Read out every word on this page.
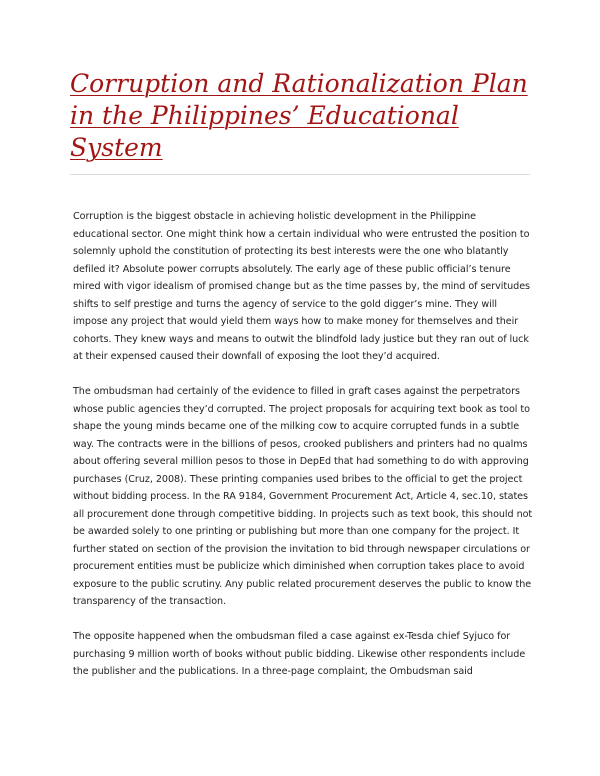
Corruption and Rationalization Plan in the Philippines’ Educational System

Corruption is the biggest obstacle in achieving holistic development in the Philippine educational sector. One might think how a certain individual who were entrusted the position to solemnly uphold the constitution of protecting its best interests were the one who blatantly defiled it? Absolute power corrupts absolutely. The early age of these public official’s tenure mired with vigor idealism of promised change but as the time passes by, the mind of servitudes shifts to self prestige and turns the agency of service to the gold digger’s mine. They will impose any project that would yield them ways how to make money for themselves and their cohorts. They knew ways and means to outwit the blindfold lady justice but they ran out of luck at their expensed caused their downfall of exposing the loot they’d acquired.

The ombudsman had certainly of the evidence to filled in graft cases against the perpetrators whose public agencies they’d corrupted. The project proposals for acquiring text book as tool to shape the young minds became one of the milking cow to acquire corrupted funds in a subtle way. The contracts were in the billions of pesos, crooked publishers and printers had no qualms about offering several million pesos to those in DepEd that had something to do with approving purchases (Cruz, 2008). These printing companies used bribes to the official to get the project without bidding process. In the RA 9184, Government Procurement Act, Article 4, sec.10, states all procurement done through competitive bidding. In projects such as text book, this should not be awarded solely to one printing or publishing but more than one company for the project. It further stated on section of the provision the invitation to bid through newspaper circulations or procurement entities must be publicize which diminished when corruption takes place to avoid exposure to the public scrutiny. Any public related procurement deserves the public to know the transparency of the transaction.

The opposite happened when the ombudsman filed a case against ex-Tesda chief Syjuco for purchasing 9 million worth of books without public bidding. Likewise other respondents include the publisher and the publications. In a three-page complaint, the Ombudsman said
